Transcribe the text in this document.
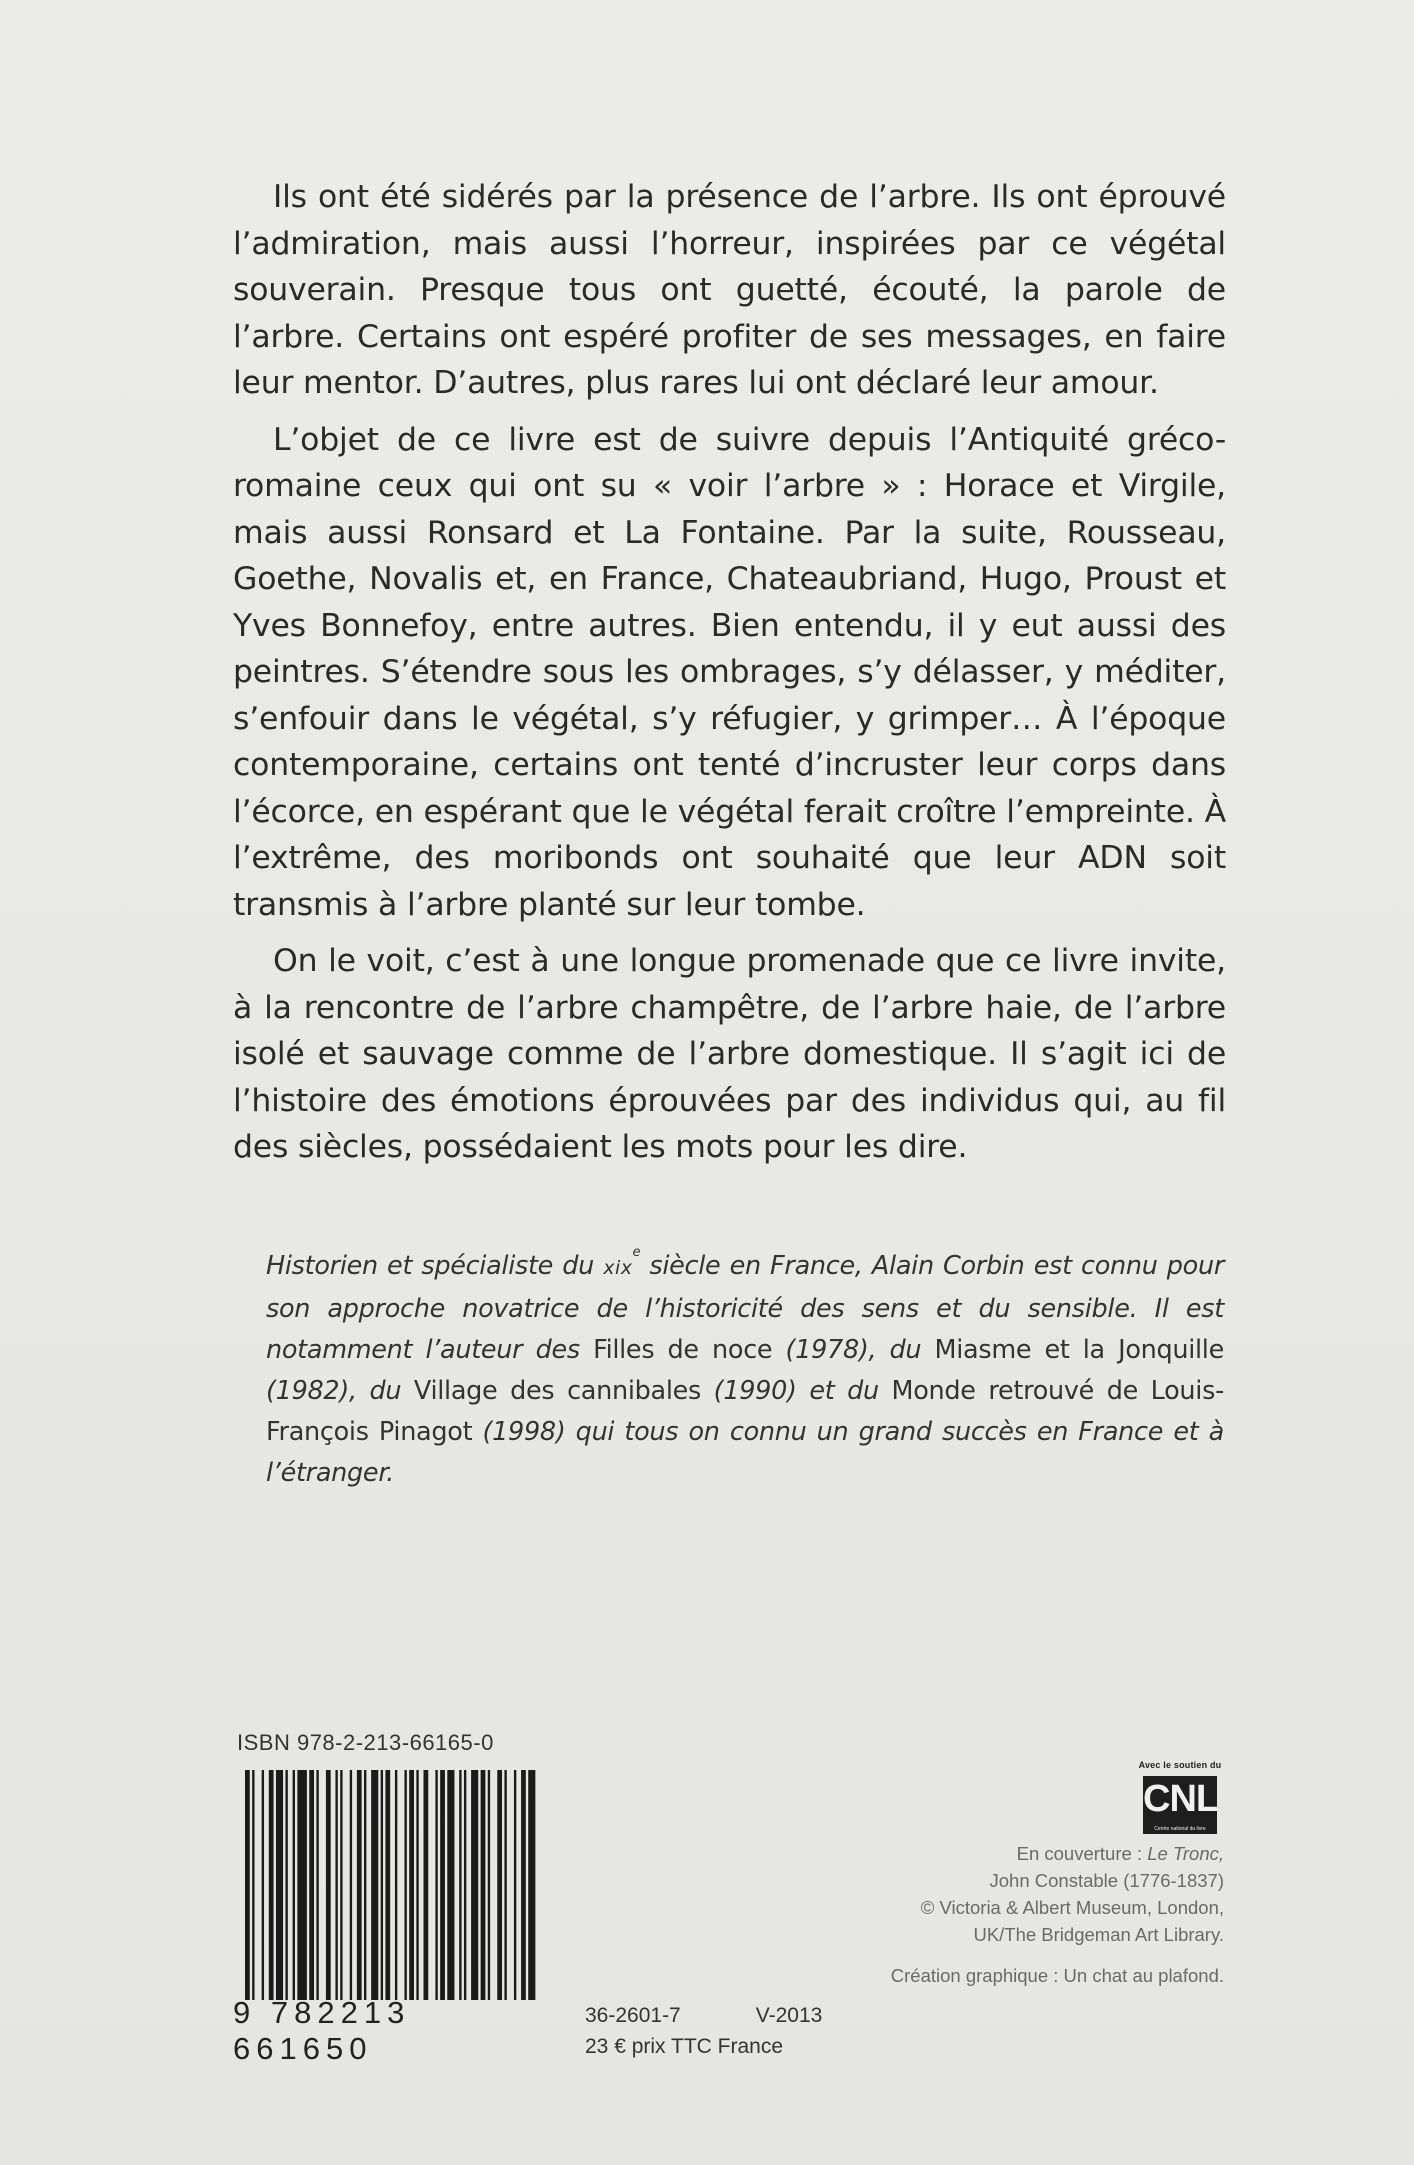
Ils ont été sidérés par la présence de l’arbre. Ils ont éprouvé l’admiration, mais aussi l’horreur, inspirées par ce végétal souverain. Presque tous ont guetté, écouté, la parole de l’arbre. Certains ont espéré profiter de ses messages, en faire leur mentor. D’autres, plus rares lui ont déclaré leur amour.

L’objet de ce livre est de suivre depuis l’Antiquité gréco-romaine ceux qui ont su « voir l’arbre » : Horace et Virgile, mais aussi Ronsard et La Fontaine. Par la suite, Rousseau, Goethe, Novalis et, en France, Chateaubriand, Hugo, Proust et Yves Bonnefoy, entre autres. Bien entendu, il y eut aussi des peintres. S’étendre sous les ombrages, s’y délasser, y méditer, s’enfouir dans le végétal, s’y réfugier, y grimper… À l’époque contemporaine, certains ont tenté d’incruster leur corps dans l’écorce, en espérant que le végétal ferait croître l’empreinte. À l’extrême, des moribonds ont souhaité que leur ADN soit transmis à l’arbre planté sur leur tombe.

On le voit, c’est à une longue promenade que ce livre invite, à la rencontre de l’arbre champêtre, de l’arbre haie, de l’arbre isolé et sauvage comme de l’arbre domestique. Il s’agit ici de l’histoire des émotions éprouvées par des individus qui, au fil des siècles, possédaient les mots pour les dire.

Historien et spécialiste du xix$^e$ siècle en France, Alain Corbin est connu pour son approche novatrice de l’historicité des sens et du sensible. Il est notamment l’auteur des Filles de noce (1978), du Miasme et la Jonquille (1982), du Village des cannibales (1990) et du Monde retrouvé de Louis-François Pinagot (1998) qui tous on connu un grand succès en France et à l’étranger.
ISBN 978-2-213-66165-0
9 782213 661650
36-2601-7	V-2013
23 € prix TTC France
Avec le soutien du
CNL
Centre national du livre
En couverture : Le Tronc,
John Constable (1776-1837)
© Victoria & Albert Museum, London,
UK/The Bridgeman Art Library.
Création graphique : Un chat au plafond.
